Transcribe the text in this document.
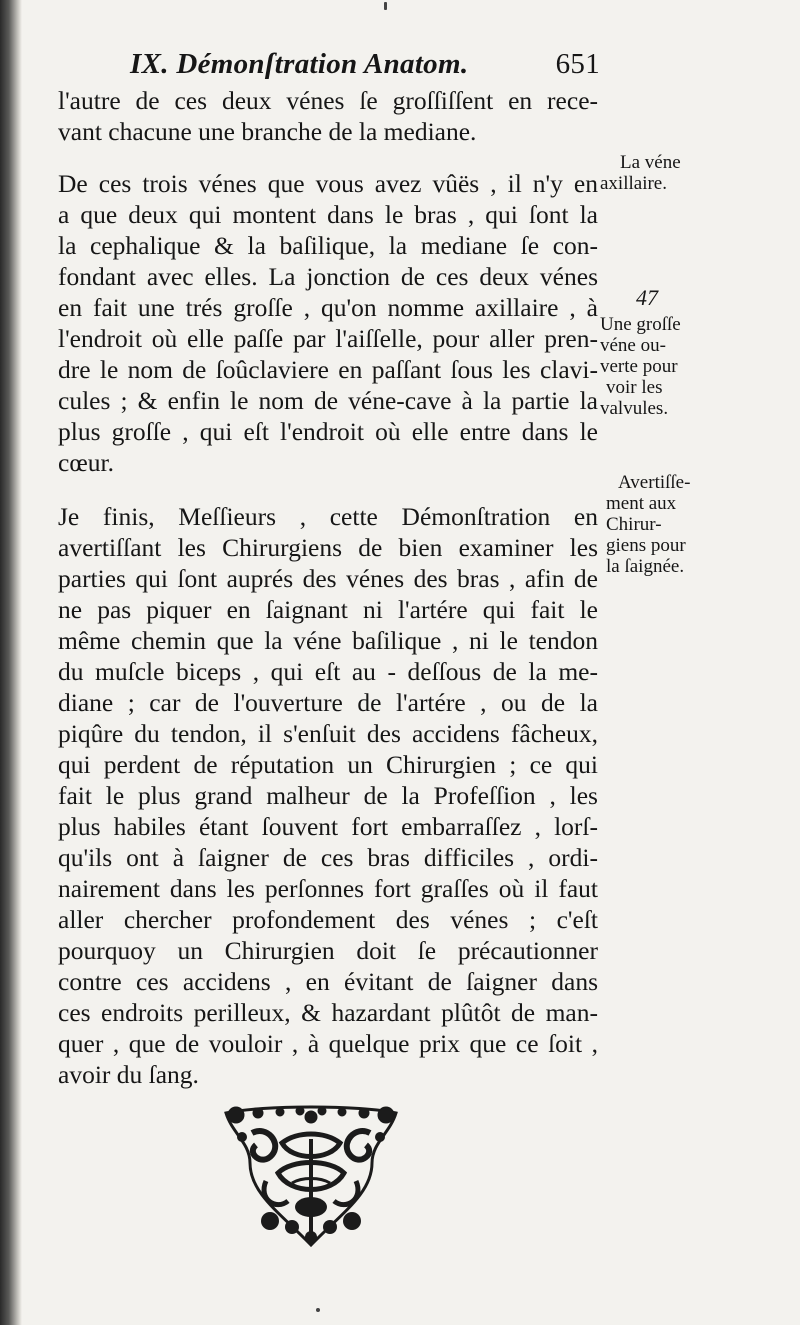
IX. Démonſtration Anatom.	651
l'autre de ces deux vénes ſe groſſiſſent en rece-
vant chacune une branche de la mediane.
De ces trois vénes que vous avez vûës , il n'y en
a que deux qui montent dans le bras , qui ſont la
la cephalique & la baſilique, la mediane ſe con-
fondant avec elles. La jonction de ces deux vénes
en fait une trés groſſe , qu'on nomme axillaire , à
l'endroit où elle paſſe par l'aiſſelle, pour aller pren-
dre le nom de ſoûclaviere en paſſant ſous les clavi-
cules ; & enfin le nom de véne-cave à la partie la
plus groſſe , qui eſt l'endroit où elle entre dans le
cœur.
Je finis, Meſſieurs , cette Démonſtration en
avertiſſant les Chirurgiens de bien examiner les
parties qui ſont auprés des vénes des bras , afin de
ne pas piquer en ſaignant ni l'artére qui fait le
même chemin que la véne baſilique , ni le tendon
du muſcle biceps , qui eſt au - deſſous de la me-
diane ; car de l'ouverture de l'artére , ou de la
piqûre du tendon, il s'enſuit des accidens fâcheux,
qui perdent de réputation un Chirurgien ; ce qui
fait le plus grand malheur de la Profeſſion , les
plus habiles étant ſouvent fort embarraſſez , lorſ-
qu'ils ont à ſaigner de ces bras difficiles , ordi-
nairement dans les perſonnes fort graſſes où il faut
aller chercher profondement des vénes ; c'eſt
pourquoy un Chirurgien doit ſe précautionner
contre ces accidens , en évitant de ſaigner dans
ces endroits perilleux, & hazardant plûtôt de man-
quer , que de vouloir , à quelque prix que ce ſoit ,
avoir du ſang.
La véne
axillaire.
47
Une groſſe
véne ou-
verte pour
voir les
valvules.
Avertiſſe-
ment aux
Chirur-
giens pour
la ſaignée.
